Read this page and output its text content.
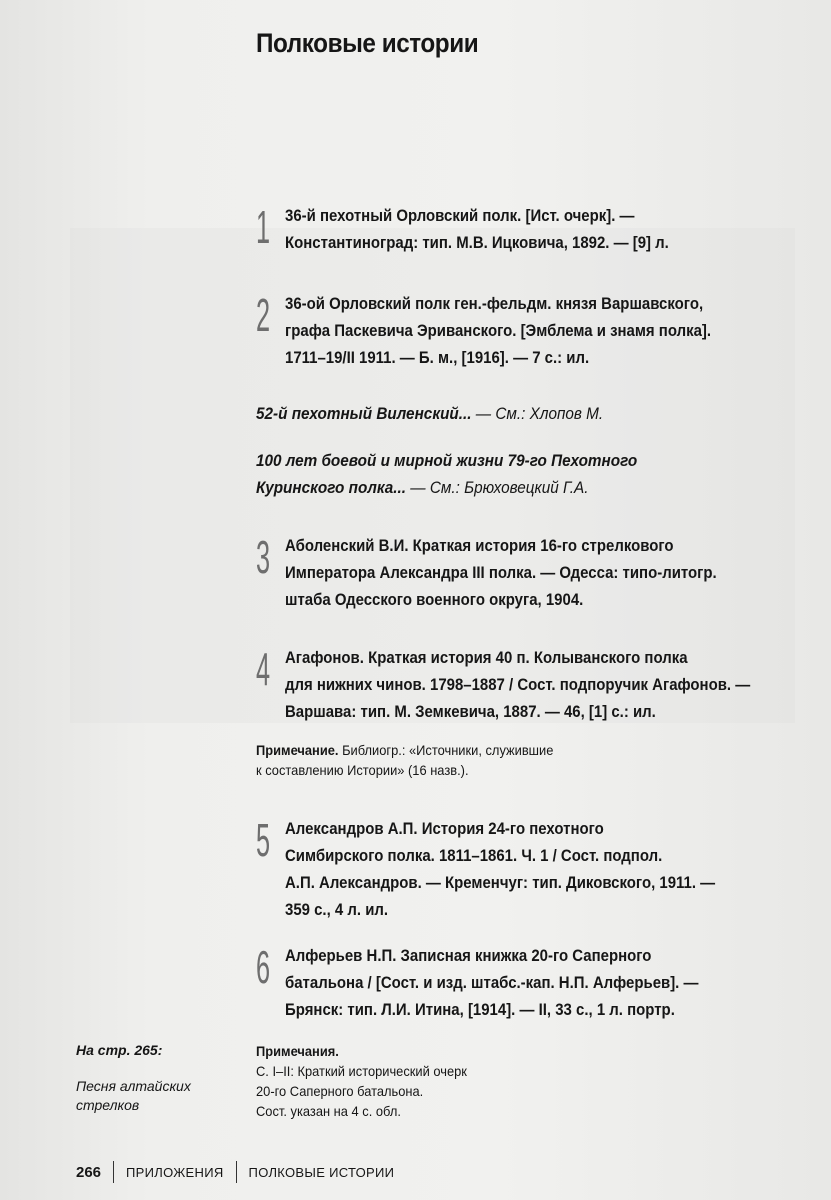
Полковые истории
1 36-й пехотный Орловский полк. [Ист. очерк]. —
Константиноград: тип. М.В. Ицковича, 1892. — [9] л.
2 36-ой Орловский полк ген.-фельдм. князя Варшавского,
графа Паскевича Эриванского. [Эмблема и знамя полка].
1711–19/II 1911. — Б. м., [1916]. — 7 с.: ил.
52-й пехотный Виленский... — См.: Хлопов М.
100 лет боевой и мирной жизни 79-го Пехотного
Куринского полка... — См.: Брюховецкий Г.А.
3 Аболенский В.И. Краткая история 16-го стрелкового
Императора Александра III полка. — Одесса: типо-литогр.
штаба Одесского военного округа, 1904.
4 Агафонов. Краткая история 40 п. Колыванского полка
для нижних чинов. 1798–1887 / Сост. подпоручик Агафонов. —
Варшава: тип. М. Земкевича, 1887. — 46, [1] с.: ил.
Примечание. Библиогр.: «Источники, служившие
к составлению Истории» (16 назв.).
5 Александров А.П. История 24-го пехотного
Симбирского полка. 1811–1861. Ч. 1 / Сост. подпол.
А.П. Александров. — Кременчуг: тип. Диковского, 1911. —
359 с., 4 л. ил.
6 Алферьев Н.П. Записная книжка 20-го Саперного
батальона / [Сост. и изд. штабс.-кап. Н.П. Алферьев]. —
Брянск: тип. Л.И. Итина, [1914]. — II, 33 с., 1 л. портр.
Примечания.
С. I–II: Краткий исторический очерк
20-го Саперного батальона.
Сост. указан на 4 с. обл.
На стр. 265:
Песня алтайских
стрелков
266 ПРИЛОЖЕНИЯ ПОЛКОВЫЕ ИСТОРИИ
